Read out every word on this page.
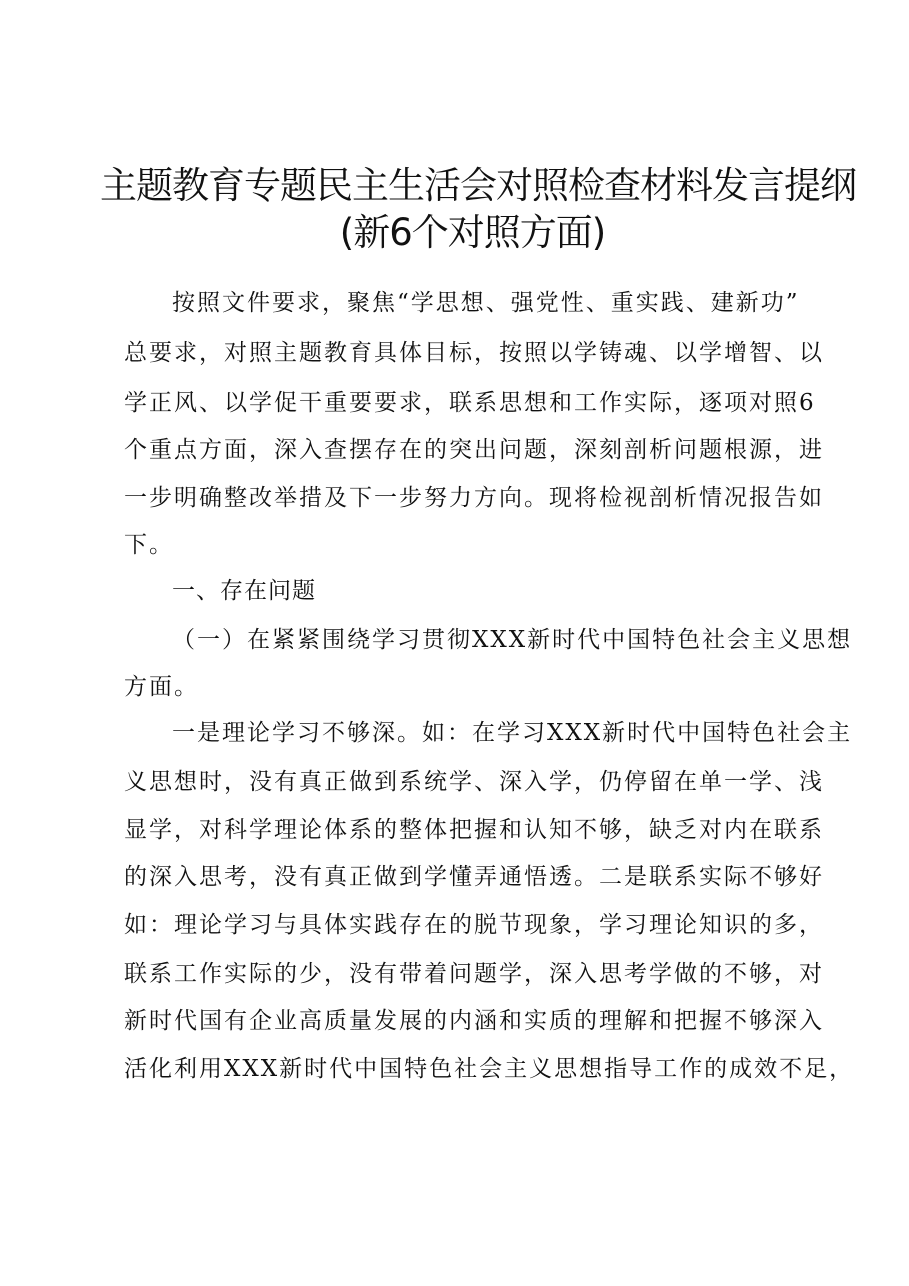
主题教育专题民主生活会对照检查材料发言提纲
(新6个对照方面)
按照文件要求，聚焦“学思想、强党性、重实践、建新功”
总要求，对照主题教育具体目标，按照以学铸魂、以学增智、以
学正风、以学促干重要要求，联系思想和工作实际，逐项对照6
个重点方面，深入查摆存在的突出问题，深刻剖析问题根源，进
一步明确整改举措及下一步努力方向。现将检视剖析情况报告如
下。
一、存在问题
（一）在紧紧围绕学习贯彻XXX新时代中国特色社会主义思想
方面。
一是理论学习不够深。如：在学习XXX新时代中国特色社会主
义思想时，没有真正做到系统学、深入学，仍停留在单一学、浅
显学，对科学理论体系的整体把握和认知不够，缺乏对内在联系
的深入思考，没有真正做到学懂弄通悟透。二是联系实际不够好
如：理论学习与具体实践存在的脱节现象，学习理论知识的多，
联系工作实际的少，没有带着问题学，深入思考学做的不够，对
新时代国有企业高质量发展的内涵和实质的理解和把握不够深入
活化利用XXX新时代中国特色社会主义思想指导工作的成效不足，
